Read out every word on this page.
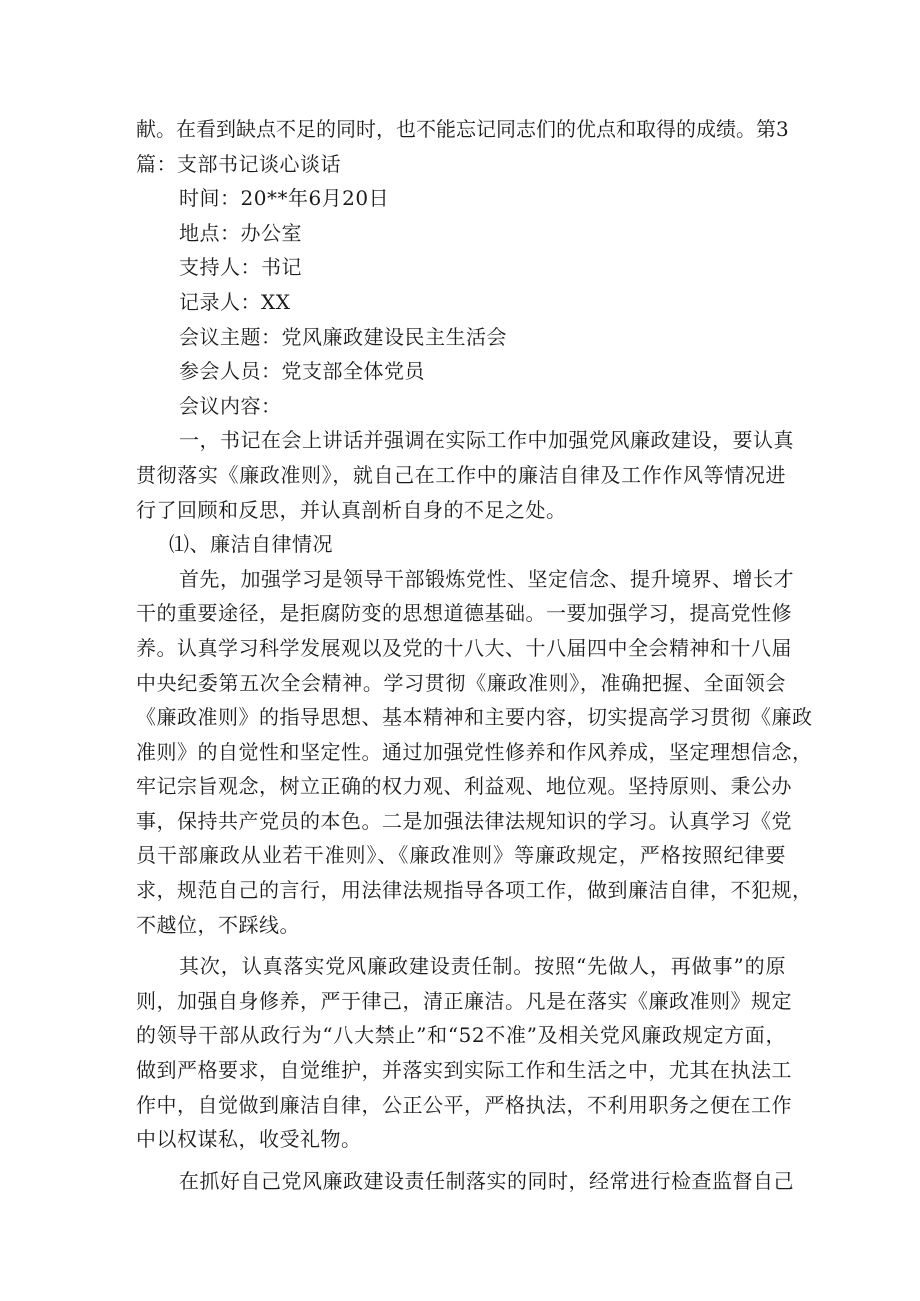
献。在看到缺点不足的同时，也不能忘记同志们的优点和取得的成绩。第3
篇：支部书记谈心谈话
时间：20**年6月20日
地点：办公室
支持人：书记
记录人：XX
会议主题：党风廉政建设民主生活会
参会人员：党支部全体党员
会议内容：
一，书记在会上讲话并强调在实际工作中加强党风廉政建设，要认真
贯彻落实《廉政准则》，就自己在工作中的廉洁自律及工作作风等情况进
行了回顾和反思，并认真剖析自身的不足之处。
⑴、廉洁自律情况
首先，加强学习是领导干部锻炼党性、坚定信念、提升境界、增长才
干的重要途径，是拒腐防变的思想道德基础。一要加强学习，提高党性修
养。认真学习科学发展观以及党的十八大、十八届四中全会精神和十八届
中央纪委第五次全会精神。学习贯彻《廉政准则》，准确把握、全面领会
《廉政准则》的指导思想、基本精神和主要内容，切实提高学习贯彻《廉政
准则》的自觉性和坚定性。通过加强党性修养和作风养成，坚定理想信念，
牢记宗旨观念，树立正确的权力观、利益观、地位观。坚持原则、秉公办
事，保持共产党员的本色。二是加强法律法规知识的学习。认真学习《党
员干部廉政从业若干准则》、《廉政准则》等廉政规定，严格按照纪律要
求，规范自己的言行，用法律法规指导各项工作，做到廉洁自律，不犯规，
不越位，不踩线。
其次，认真落实党风廉政建设责任制。按照“先做人，再做事”的原
则，加强自身修养，严于律己，清正廉洁。凡是在落实《廉政准则》规定
的领导干部从政行为“八大禁止”和“52不准”及相关党风廉政规定方面，
做到严格要求，自觉维护，并落实到实际工作和生活之中，尤其在执法工
作中，自觉做到廉洁自律，公正公平，严格执法，不利用职务之便在工作
中以权谋私，收受礼物。
在抓好自己党风廉政建设责任制落实的同时，经常进行检查监督自己
